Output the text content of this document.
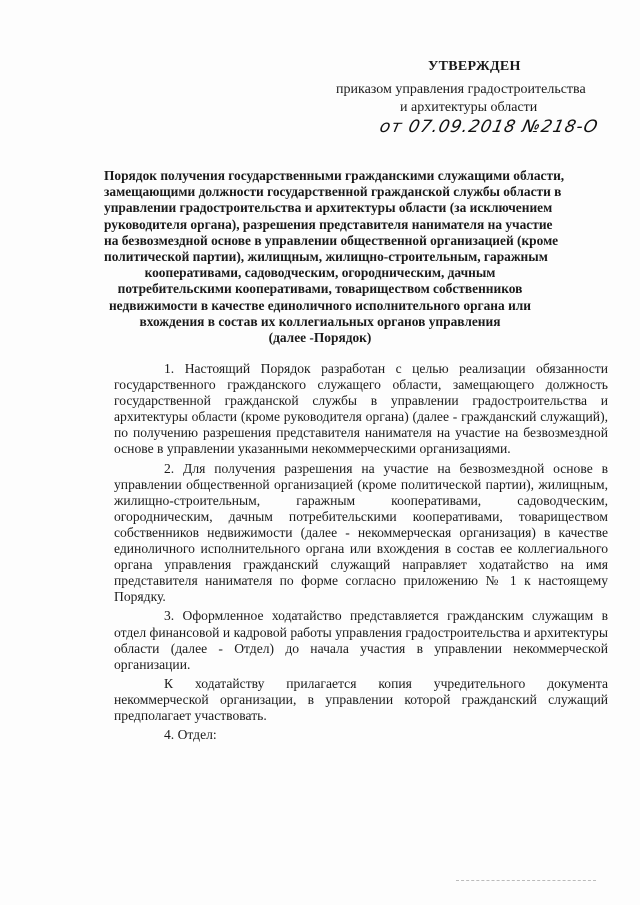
УТВЕРЖДЕН
приказом управления градостроительства
и архитектуры области
от 07.09.2018 №218-О
Порядок получения государственными гражданскими служащими области,
замещающими должности государственной гражданской службы области в
управлении градостроительства и архитектуры области (за исключением
руководителя органа), разрешения представителя нанимателя на участие
на безвозмездной основе в управлении общественной организацией (кроме
политической партии), жилищным, жилищно-строительным, гаражным
кооперативами, садоводческим, огородническим, дачным
потребительскими кооперативами, товариществом собственников
недвижимости в качестве единоличного исполнительного органа или
вхождения в состав их коллегиальных органов управления
(далее -Порядок)

1. Настоящий Порядок разработан с целью реализации обязанности государственного гражданского служащего области, замещающего должность государственной гражданской службы в управлении градостроительства и архитектуры области (кроме руководителя органа) (далее - гражданский служащий), по получению разрешения представителя нанимателя на участие на безвозмездной основе в управлении указанными некоммерческими организациями.

2. Для получения разрешения на участие на безвозмездной основе в управлении общественной организацией (кроме политической партии), жилищным, жилищно-строительным, гаражным кооперативами, садоводческим, огородническим, дачным потребительскими кооперативами, товариществом собственников недвижимости (далее - некоммерческая организация) в качестве единоличного исполнительного органа или вхождения в состав ее коллегиального органа управления гражданский служащий направляет ходатайство на имя представителя нанимателя по форме согласно приложению № 1 к настоящему Порядку.

3. Оформленное ходатайство представляется гражданским служащим в отдел финансовой и кадровой работы управления градостроительства и архитектуры области (далее - Отдел) до начала участия в управлении некоммерческой организации.

К ходатайству прилагается копия учредительного документа некоммерческой организации, в управлении которой гражданский служащий предполагает участвовать.

4. Отдел:
